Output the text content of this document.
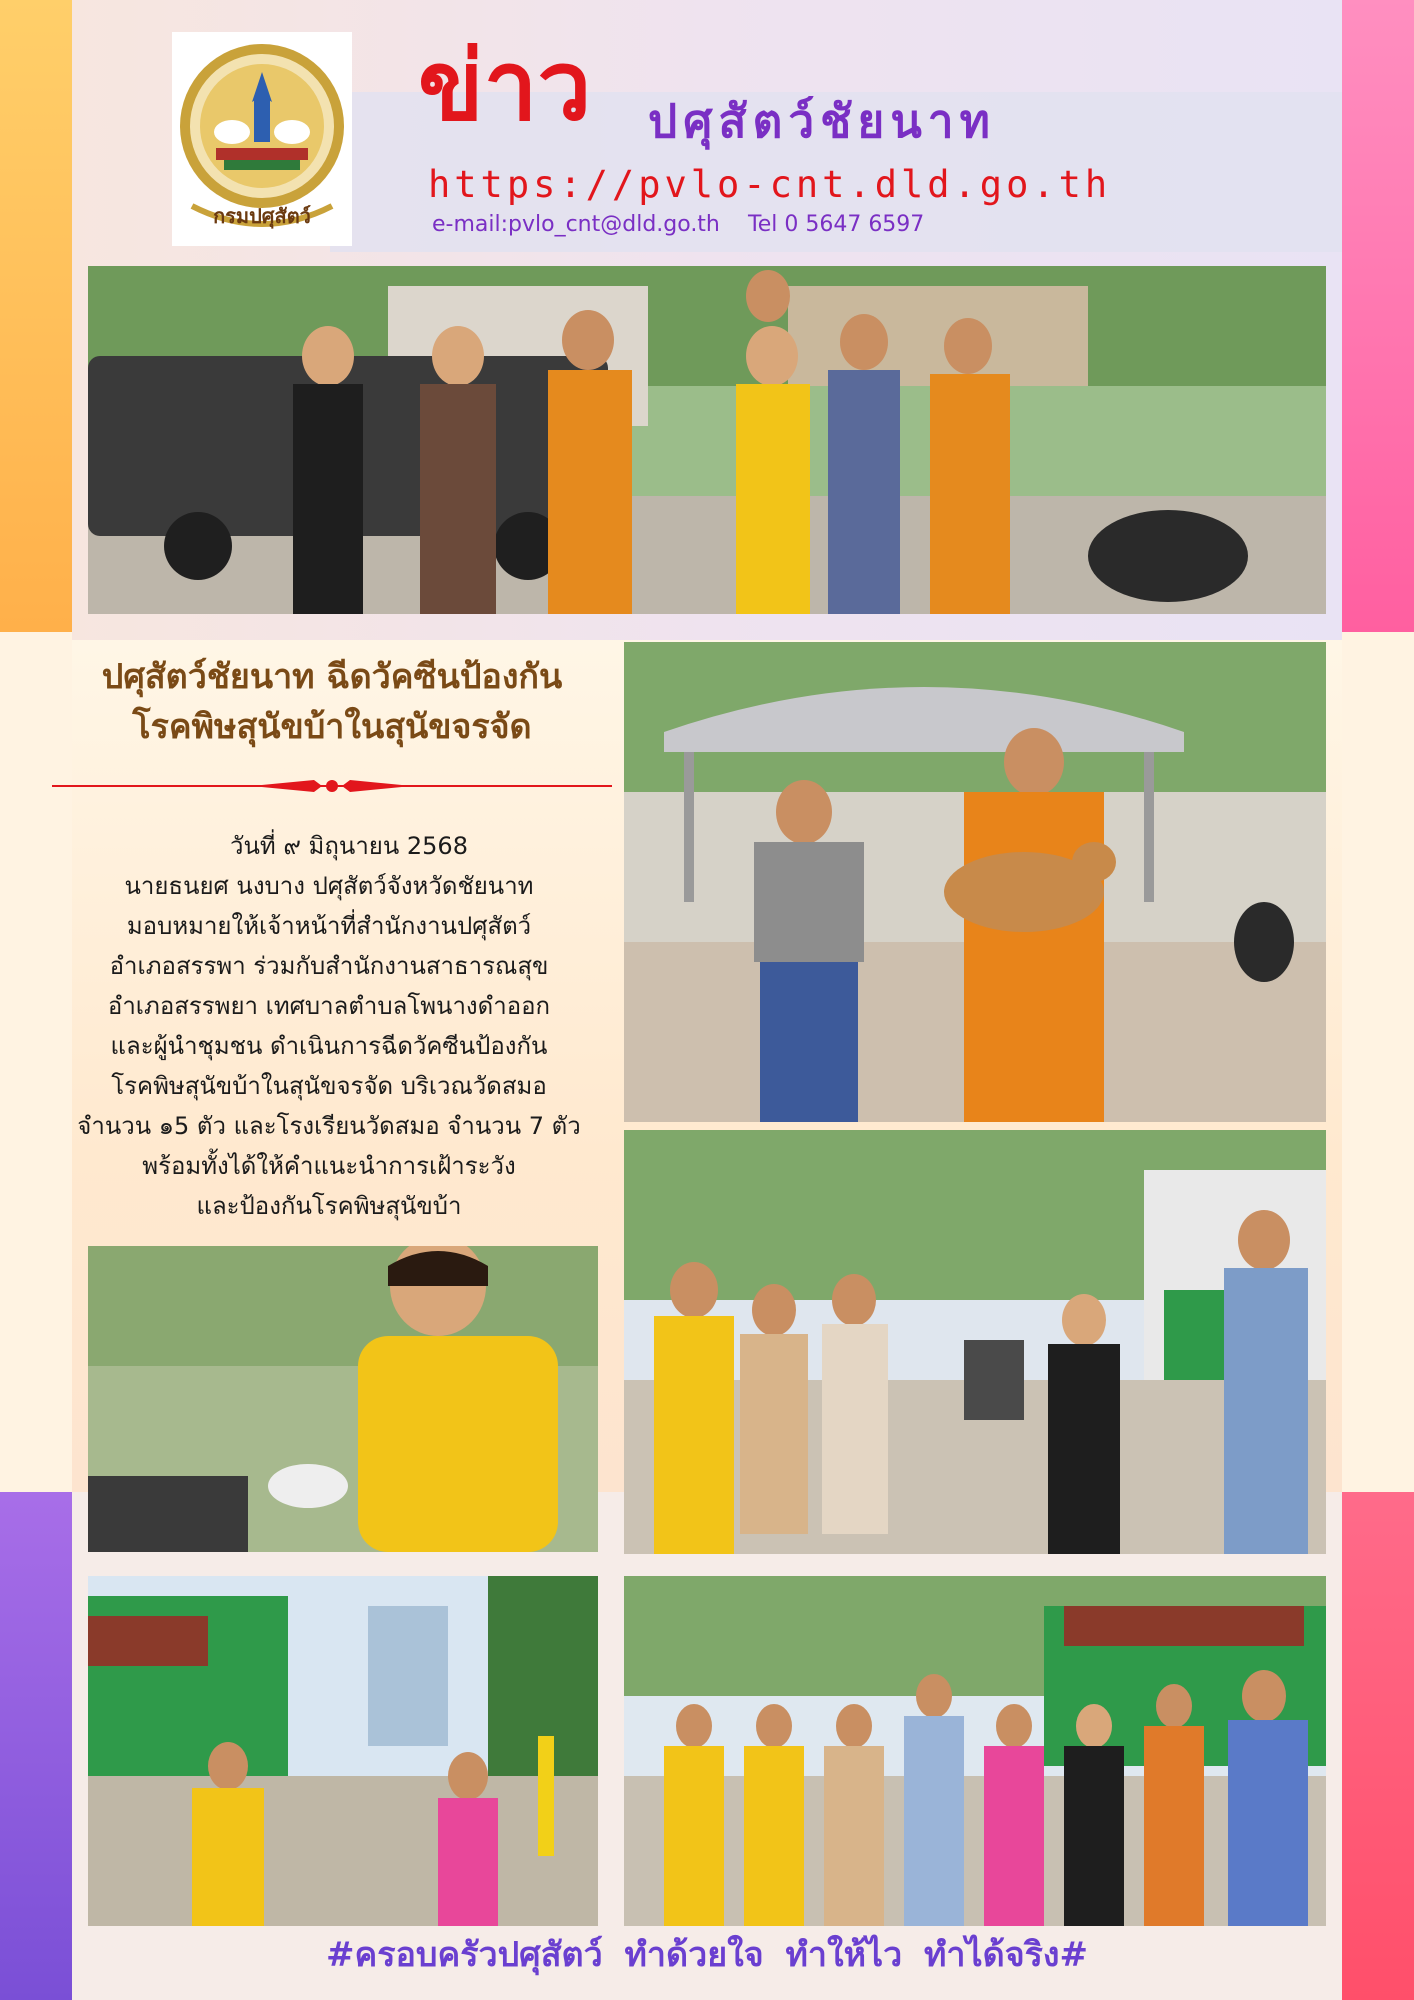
กรมปศุสัตว์
ข่าว ปศุสัตว์ชัยนาท
https://pvlo-cnt.dld.go.th
e-mail:pvlo_cnt@dld.go.th Tel 0 5647 6597
ปศุสัตว์ชัยนาท ฉีดวัคซีนป้องกัน
โรคพิษสุนัขบ้าในสุนัขจรจัด
วันที่ ๙ มิถุนายน 2568
นายธนยศ นงบาง ปศุสัตว์จังหวัดชัยนาท
มอบหมายให้เจ้าหน้าที่สำนักงานปศุสัตว์
อำเภอสรรพา ร่วมกับสำนักงานสาธารณสุข
อำเภอสรรพยา เทศบาลตำบลโพนางดำออก
และผู้นำชุมชน ดำเนินการฉีดวัคซีนป้องกัน
โรคพิษสุนัขบ้าในสุนัขจรจัด บริเวณวัดสมอ
จำนวน ๑5 ตัว และโรงเรียนวัดสมอ จำนวน 7 ตัว
พร้อมทั้งได้ให้คำแนะนำการเฝ้าระวัง
และป้องกันโรคพิษสุนัขบ้า
#ครอบครัวปศุสัตว์ ทำด้วยใจ ทำให้ไว ทำได้จริง#
